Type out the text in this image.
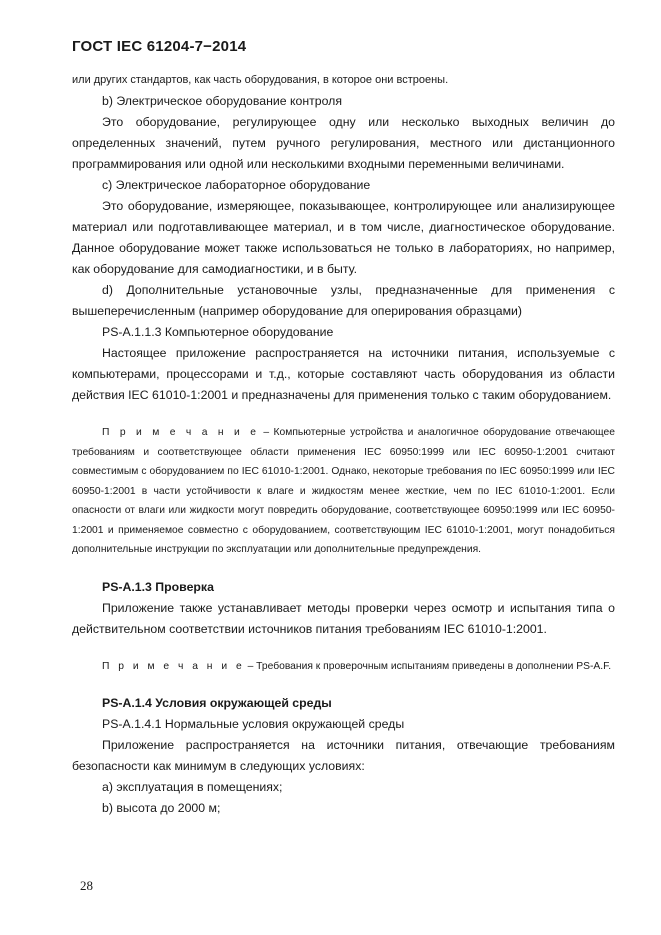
ГОСТ IEC 61204-7−2014

или других стандартов, как часть оборудования, в которое они встроены.

b) Электрическое оборудование контроля

Это оборудование, регулирующее одну или несколько выходных величин до определенных значений, путем ручного регулирования, местного или дистанционного программирования или одной или несколькими входными переменными величинами.

c) Электрическое лабораторное оборудование

Это оборудование, измеряющее, показывающее, контролирующее или анализирующее материал или подготавливающее материал, и в том числе, диагностическое оборудование. Данное оборудование может также использоваться не только в лабораториях, но например, как оборудование для самодиагностики, и в быту.

d) Дополнительные установочные узлы, предназначенные для применения с вышеперечисленным (например оборудование для оперирования образцами)

PS-A.1.1.3 Компьютерное оборудование

Настоящее приложение распространяется на источники питания, используемые с компьютерами, процессорами и т.д., которые составляют часть оборудования из области действия IEC 61010-1:2001 и предназначены для применения только с таким оборудованием.

П р и м е ч а н и е – Компьютерные устройства и аналогичное оборудование отвечающее требованиям и соответствующее области применения IEC 60950:1999 или IEC 60950-1:2001 считают совместимым с оборудованием по IEC 61010-1:2001. Однако, некоторые требования по IEC 60950:1999 или IEC 60950-1:2001 в части устойчивости к влаге и жидкостям менее жесткие, чем по IEC 61010-1:2001. Если опасности от влаги или жидкости могут повредить оборудование, соответствующее 60950:1999 или IEC 60950-1:2001 и применяемое совместно с оборудованием, соответствующим IEC 61010-1:2001, могут понадобиться дополнительные инструкции по эксплуатации или дополнительные предупреждения.

PS-A.1.3 Проверка

Приложение также устанавливает методы проверки через осмотр и испытания типа о действительном соответствии источников питания требованиям IEC 61010-1:2001.

П р и м е ч а н и е – Требования к проверочным испытаниям приведены в дополнении PS-A.F.

PS-A.1.4 Условия окружающей среды

PS-A.1.4.1 Нормальные условия окружающей среды

Приложение распространяется на источники питания, отвечающие требованиям безопасности как минимум в следующих условиях:

a) эксплуатация в помещениях;

b) высота до 2000 м;

28
